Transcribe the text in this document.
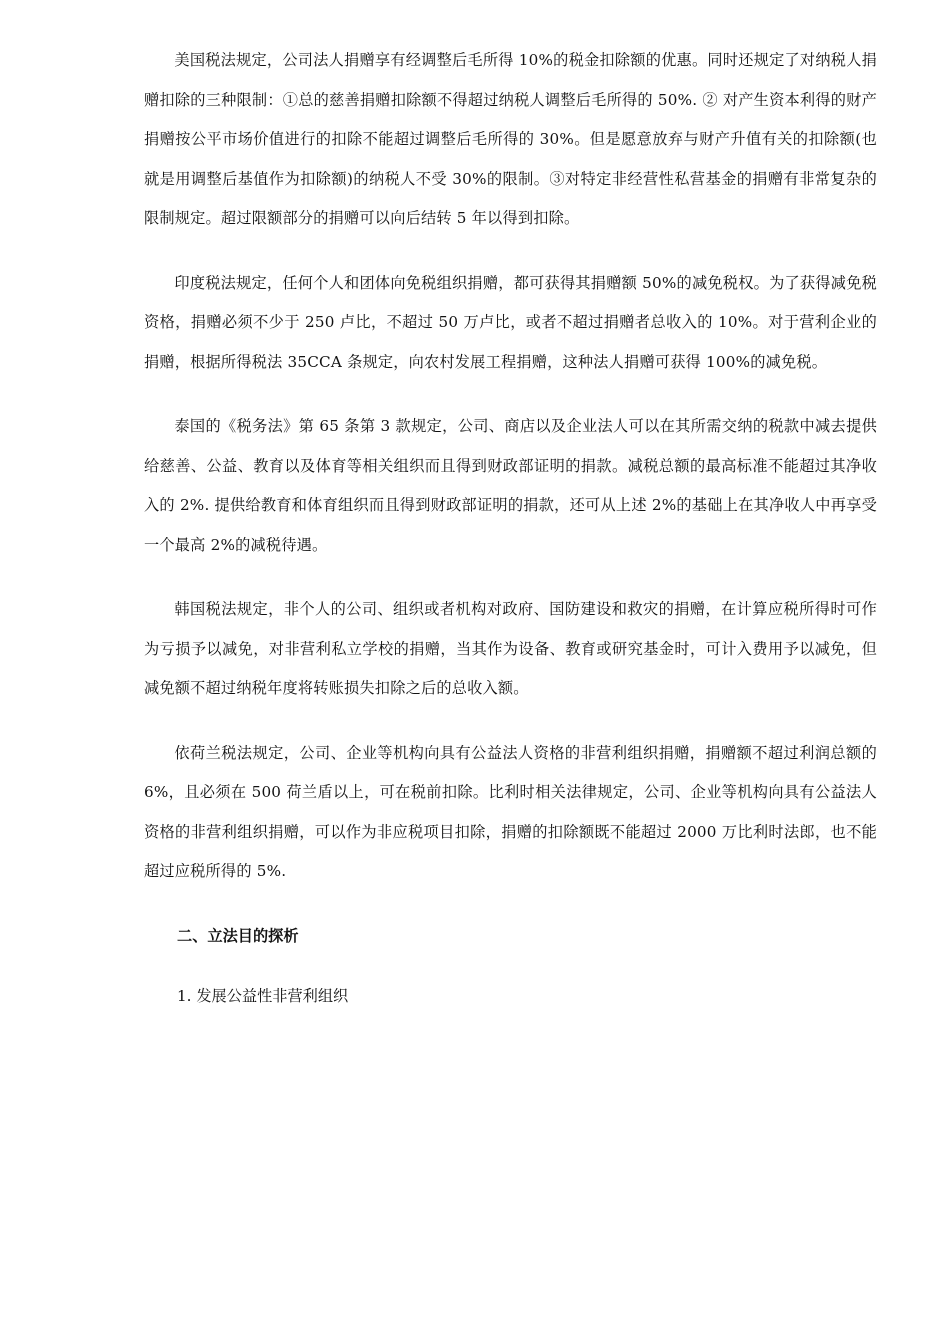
美国税法规定，公司法人捐赠享有经调整后毛所得 10%的税金扣除额的优惠。同时还规定了对纳税人捐赠扣除的三种限制：①总的慈善捐赠扣除额不得超过纳税人调整后毛所得的 50%. ② 对产生资本利得的财产捐赠按公平市场价值进行的扣除不能超过调整后毛所得的 30%。但是愿意放弃与财产升值有关的扣除额(也就是用调整后基值作为扣除额)的纳税人不受 30%的限制。③对特定非经营性私营基金的捐赠有非常复杂的限制规定。超过限额部分的捐赠可以向后结转 5 年以得到扣除。

印度税法规定，任何个人和团体向免税组织捐赠，都可获得其捐赠额 50%的减免税权。为了获得减免税资格，捐赠必须不少于 250 卢比，不超过 50 万卢比，或者不超过捐赠者总收入的 10%。对于营利企业的捐赠，根据所得税法 35CCA 条规定，向农村发展工程捐赠，这种法人捐赠可获得 100%的减免税。

泰国的《税务法》第 65 条第 3 款规定，公司、商店以及企业法人可以在其所需交纳的税款中减去提供给慈善、公益、教育以及体育等相关组织而且得到财政部证明的捐款。减税总额的最高标准不能超过其净收入的 2%. 提供给教育和体育组织而且得到财政部证明的捐款，还可从上述 2%的基础上在其净收人中再享受一个最高 2%的减税待遇。

韩国税法规定，非个人的公司、组织或者机构对政府、国防建设和救灾的捐赠，在计算应税所得时可作为亏损予以减免，对非营利私立学校的捐赠，当其作为设备、教育或研究基金时，可计入费用予以减免，但减免额不超过纳税年度将转账损失扣除之后的总收入额。

依荷兰税法规定，公司、企业等机构向具有公益法人资格的非营利组织捐赠，捐赠额不超过利润总额的 6%，且必须在 500 荷兰盾以上，可在税前扣除。比利时相关法律规定，公司、企业等机构向具有公益法人资格的非营利组织捐赠，可以作为非应税项目扣除，捐赠的扣除额既不能超过 2000 万比利时法郎，也不能超过应税所得的 5%.

二、立法目的探析
1. 发展公益性非营利组织
